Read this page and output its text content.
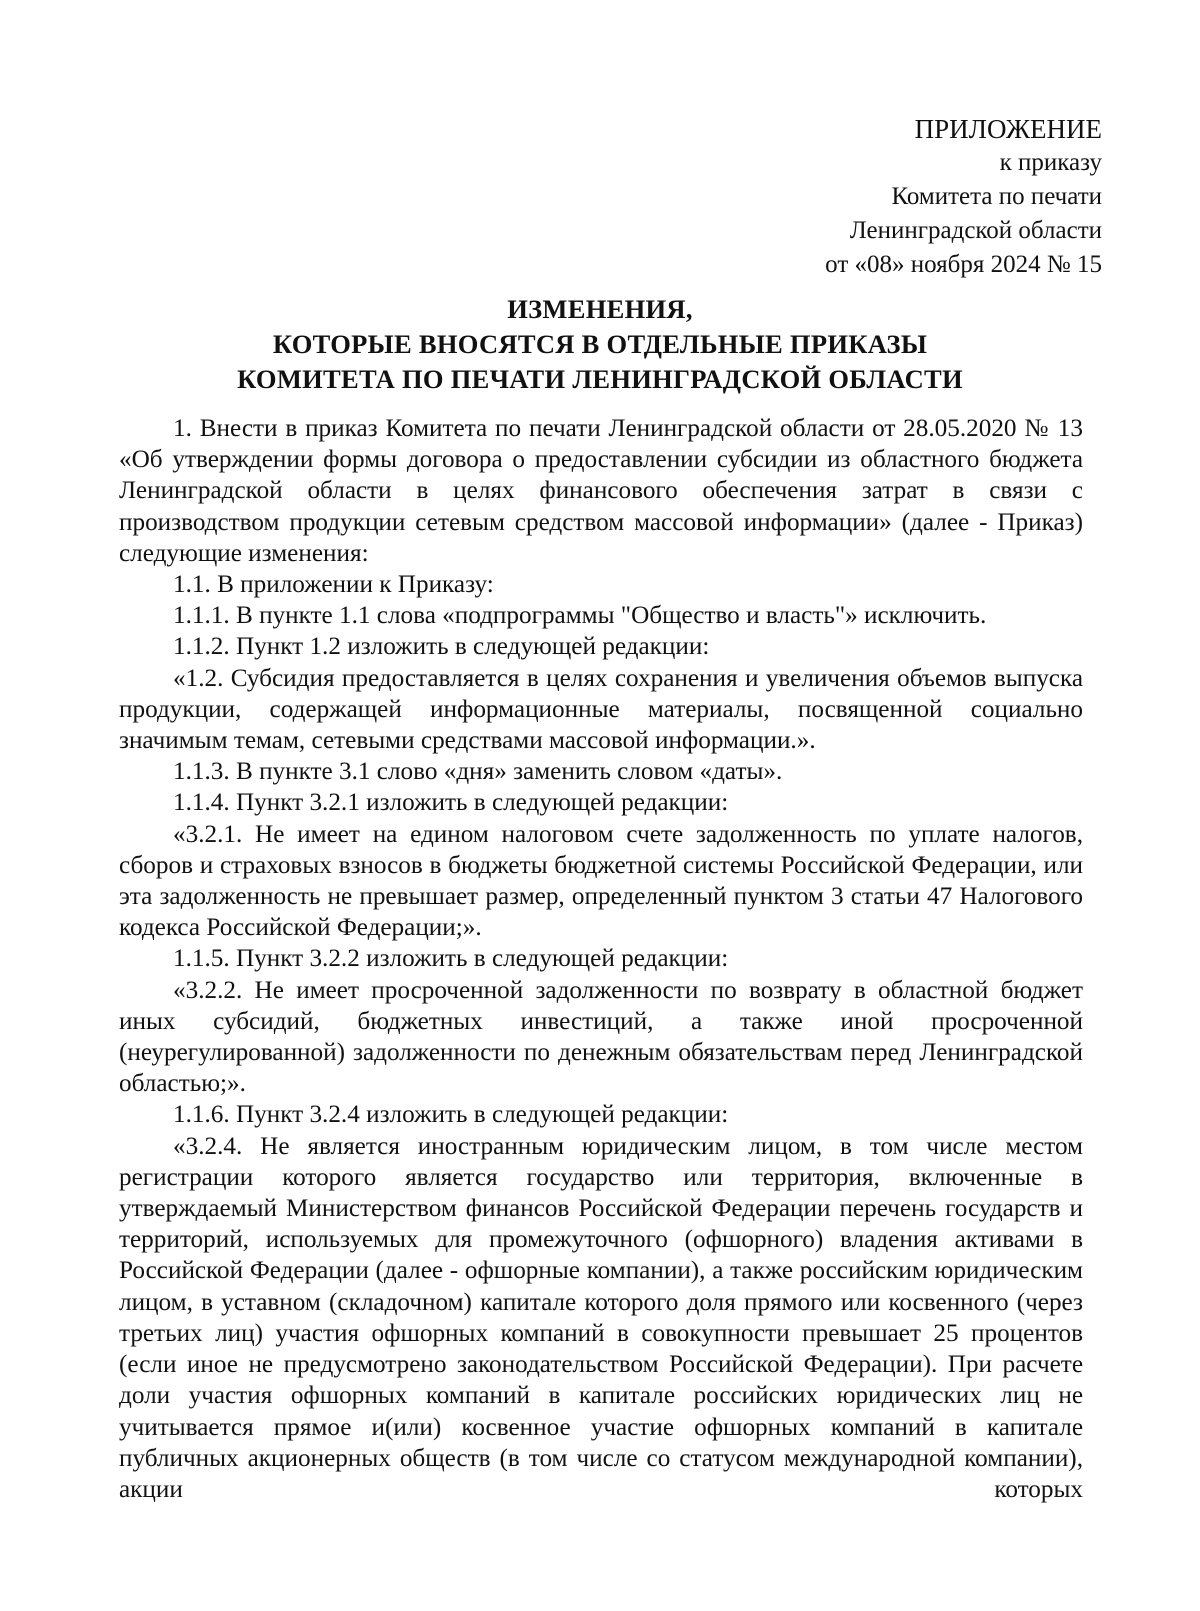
ПРИЛОЖЕНИЕ
к приказу
Комитета по печати
Ленинградской области
от «08» ноября 2024 № 15
ИЗМЕНЕНИЯ,
КОТОРЫЕ ВНОСЯТСЯ В ОТДЕЛЬНЫЕ ПРИКАЗЫ
КОМИТЕТА ПО ПЕЧАТИ ЛЕНИНГРАДСКОЙ ОБЛАСТИ

1. Внести в приказ Комитета по печати Ленинградской области от 28.05.2020 № 13 «Об утверждении формы договора о предоставлении субсидии из областного бюджета Ленинградской области в целях финансового обеспечения затрат в связи с производством продукции сетевым средством массовой информации» (далее - Приказ) следующие изменения:

1.1. В приложении к Приказу:

1.1.1. В пункте 1.1 слова «подпрограммы "Общество и власть"» исключить.

1.1.2. Пункт 1.2 изложить в следующей редакции:

«1.2. Субсидия предоставляется в целях сохранения и увеличения объемов выпуска продукции, содержащей информационные материалы, посвященной социально значимым темам, сетевыми средствами массовой информации.».

1.1.3. В пункте 3.1 слово «дня» заменить словом «даты».

1.1.4. Пункт 3.2.1 изложить в следующей редакции:

«3.2.1. Не имеет на едином налоговом счете задолженность по уплате налогов, сборов и страховых взносов в бюджеты бюджетной системы Российской Федерации, или эта задолженность не превышает размер, определенный пунктом 3 статьи 47 Налогового кодекса Российской Федерации;».

1.1.5. Пункт 3.2.2 изложить в следующей редакции:

«3.2.2. Не имеет просроченной задолженности по возврату в областной бюджет иных субсидий, бюджетных инвестиций, а также иной просроченной (неурегулированной) задолженности по денежным обязательствам перед Ленинградской областью;».

1.1.6. Пункт 3.2.4 изложить в следующей редакции:

«3.2.4. Не является иностранным юридическим лицом, в том числе местом регистрации которого является государство или территория, включенные в утверждаемый Министерством финансов Российской Федерации перечень государств и территорий, используемых для промежуточного (офшорного) владения активами в Российской Федерации (далее - офшорные компании), а также российским юридическим лицом, в уставном (складочном) капитале которого доля прямого или косвенного (через третьих лиц) участия офшорных компаний в совокупности превышает 25 процентов (если иное не предусмотрено законодательством Российской Федерации). При расчете доли участия офшорных компаний в капитале российских юридических лиц не учитывается прямое и(или) косвенное участие офшорных компаний в капитале публичных акционерных обществ (в том числе со статусом международной компании), акции которых
